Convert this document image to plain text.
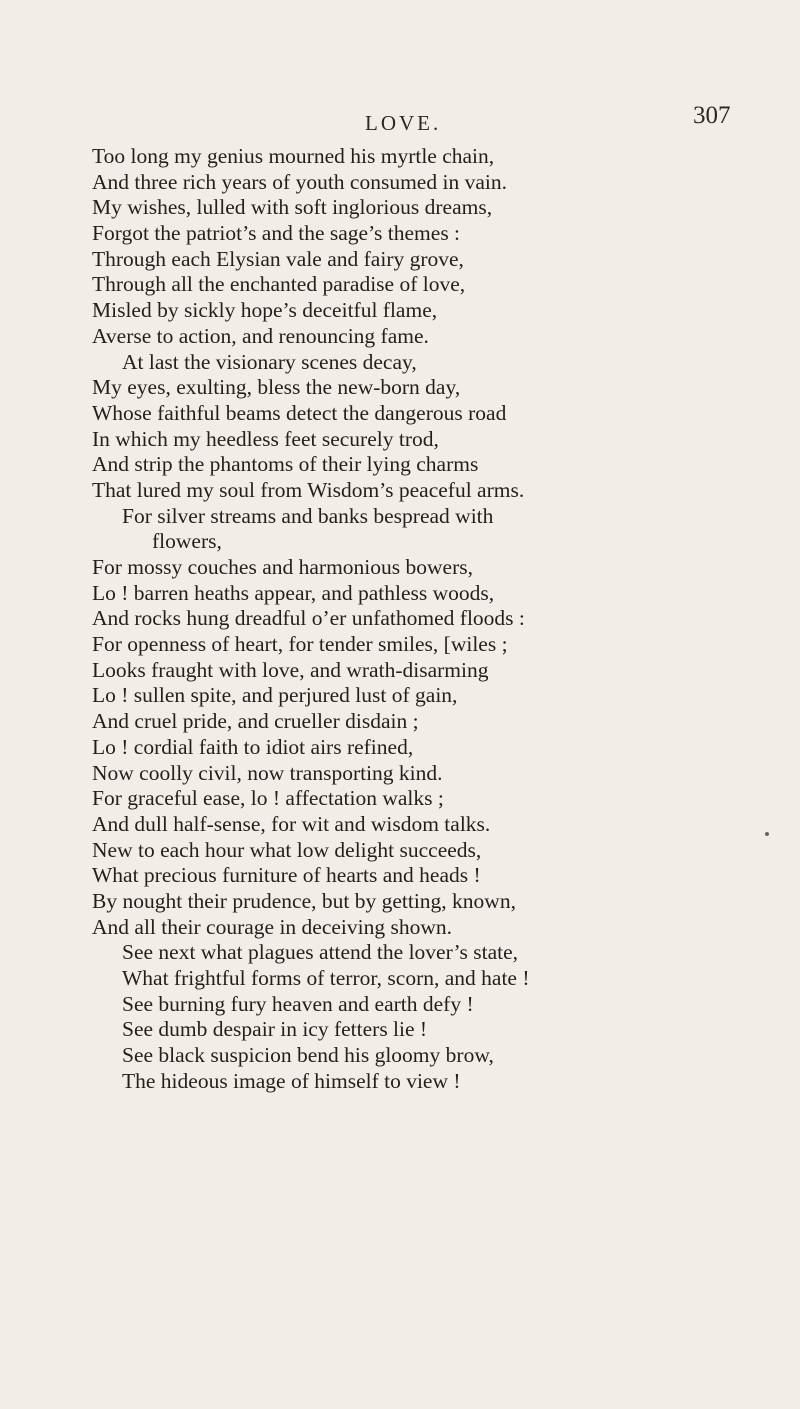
LOVE.	307
Too long my genius mourned his myrtle chain,
And three rich years of youth consumed in vain.
My wishes, lulled with soft inglorious dreams,
Forgot the patriot’s and the sage’s themes :
Through each Elysian vale and fairy grove,
Through all the enchanted paradise of love,
Misled by sickly hope’s deceitful flame,
Averse to action, and renouncing fame.
At last the visionary scenes decay,
My eyes, exulting, bless the new-born day,
Whose faithful beams detect the dangerous road
In which my heedless feet securely trod,
And strip the phantoms of their lying charms
That lured my soul from Wisdom’s peaceful arms.
For silver streams and banks bespread with
flowers,
For mossy couches and harmonious bowers,
Lo ! barren heaths appear, and pathless woods,
And rocks hung dreadful o’er unfathomed floods :
For openness of heart, for tender smiles, [wiles ;
Looks fraught with love, and wrath-disarming
Lo ! sullen spite, and perjured lust of gain,
And cruel pride, and crueller disdain ;
Lo ! cordial faith to idiot airs refined,
Now coolly civil, now transporting kind.
For graceful ease, lo ! affectation walks ;
And dull half-sense, for wit and wisdom talks.
New to each hour what low delight succeeds,
What precious furniture of hearts and heads !
By nought their prudence, but by getting, known,
And all their courage in deceiving shown.
See next what plagues attend the lover’s state,
What frightful forms of terror, scorn, and hate !
See burning fury heaven and earth defy !
See dumb despair in icy fetters lie !
See black suspicion bend his gloomy brow,
The hideous image of himself to view !
